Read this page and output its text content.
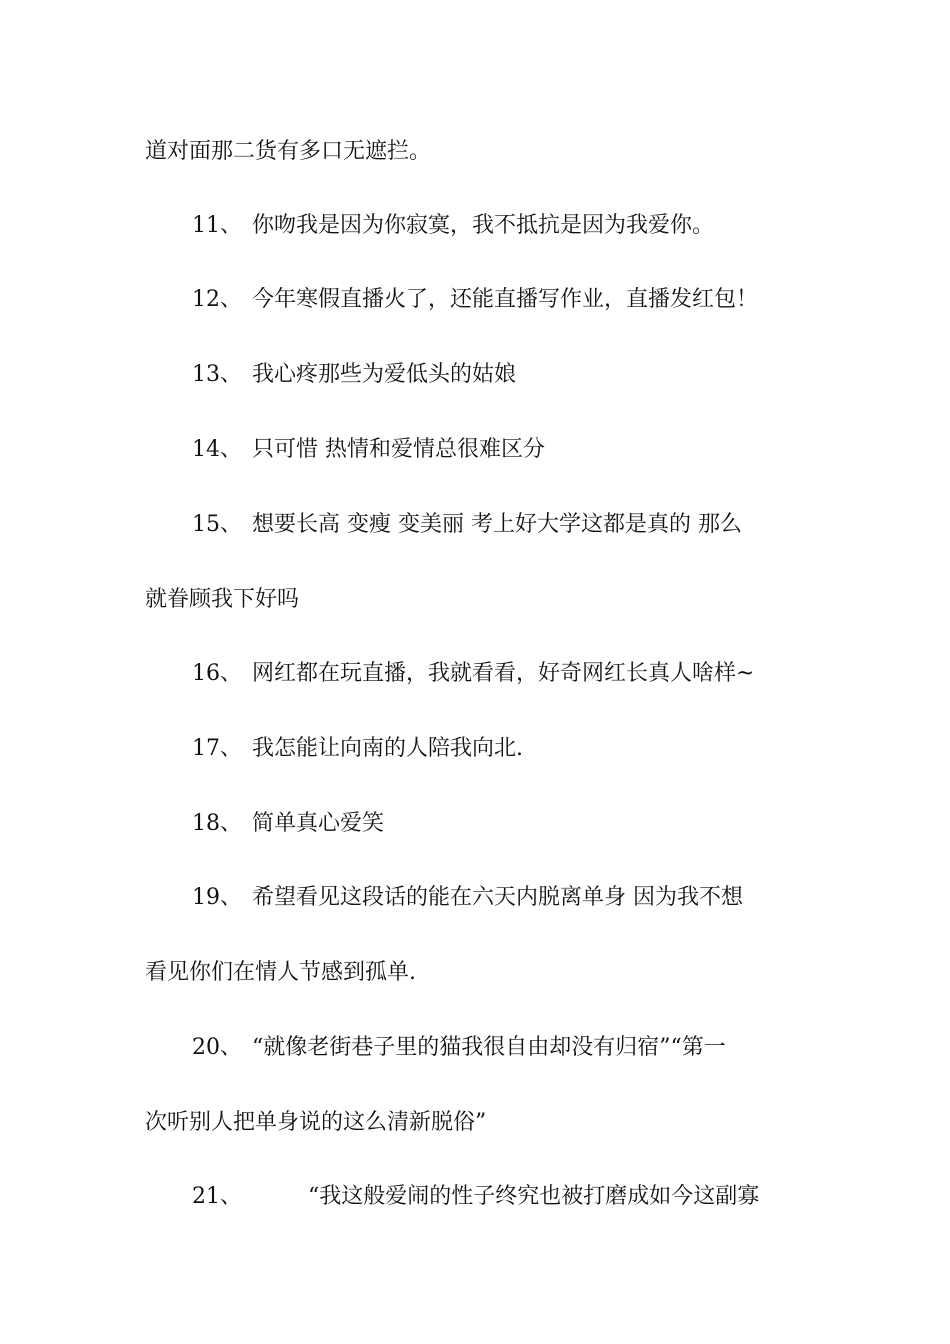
道对面那二货有多口无遮拦。
11、 你吻我是因为你寂寞，我不抵抗是因为我爱你。
12、 今年寒假直播火了，还能直播写作业，直播发红包！
13、 我心疼那些为爱低头的姑娘
14、 只可惜 热情和爱情总很难区分
15、 想要长高 变瘦 变美丽 考上好大学这都是真的 那么
就眷顾我下好吗
16、 网红都在玩直播，我就看看，好奇网红长真人啥样~
17、 我怎能让向南的人陪我向北.
18、 简单真心爱笑
19、 希望看见这段话的能在六天内脱离单身 因为我不想
看见你们在情人节感到孤单.
20、 “就像老街巷子里的猫我很自由却没有归宿”“第一
次听别人把单身说的这么清新脱俗”
21、	“我这般爱闹的性子终究也被打磨成如今这副寡
